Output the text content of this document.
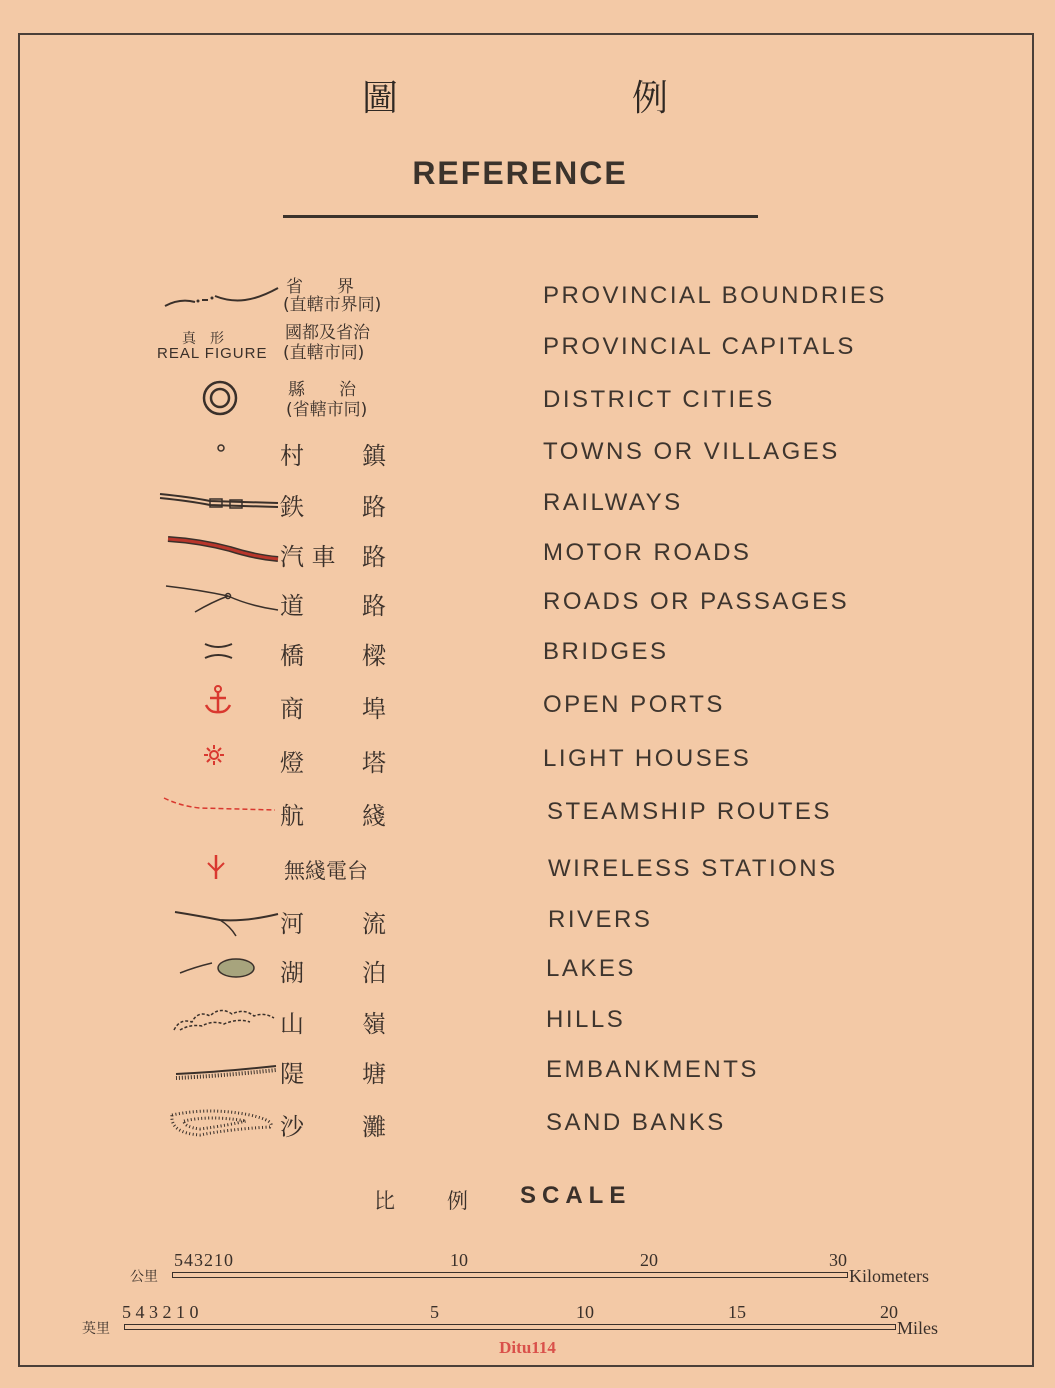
圖	例
REFERENCE
省　　界
(直轄市界同)	PROVINCIAL BOUNDRIES
真　形
REAL FIGURE
國都及省治
(直轄市同)	PROVINCIAL CAPITALS
縣　　治
(省轄市同)	DISTRICT CITIES
村 鎮	TOWNS OR VILLAGES
鉄 路	RAILWAYS
汽 車 路	MOTOR ROADS
道 路	ROADS OR PASSAGES
橋 樑	BRIDGES
商 埠	OPEN PORTS
燈 塔	LIGHT HOUSES
航 綫	STEAMSHIP ROUTES
無綫電台	WIRELESS STATIONS
河 流	RIVERS
湖 泊	LAKES
山 嶺	HILLS
隄 塘	EMBANKMENTS
沙 灘	SAND BANKS
比 例 SCALE
公里
543210	10	20	30
Kilometers
英里
5 4 3 2 1 0	5	10	15	20
Miles
Ditu114
